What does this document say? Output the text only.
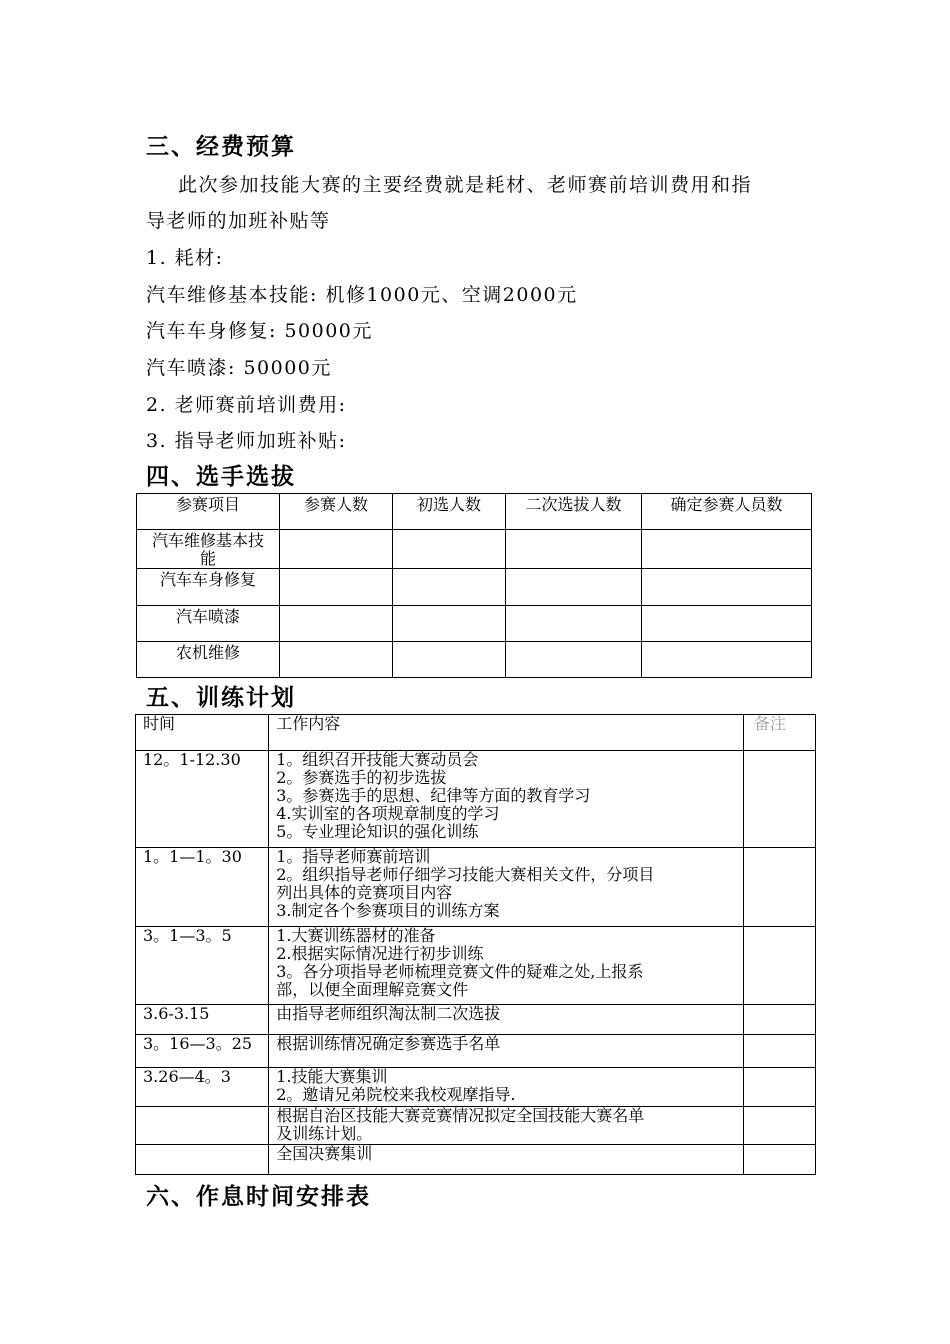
三、经费预算

此次参加技能大赛的主要经费就是耗材、老师赛前培训费用和指

导老师的加班补贴等

1. 耗材:

汽车维修基本技能: 机修1000元、空调2000元

汽车车身修复: 50000元

汽车喷漆: 50000元

2. 老师赛前培训费用:

3. 指导老师加班补贴:

四、选手选拔
参赛项目	参赛人数	初选人数	二次选拔人数	确定参赛人员数
汽车维修基本技能				
汽车车身修复				
汽车喷漆				
农机维修				
五、训练计划
时间	工作内容	备注
12。1-12.30	1。组织召开技能大赛动员会
2。参赛选手的初步选拔
3。参赛选手的思想、纪律等方面的教育学习
4.实训室的各项规章制度的学习
5。专业理论知识的强化训练	

1。1—1。30	1。指导老师赛前培训
2。组织指导老师仔细学习技能大赛相关文件，分项目
列出具体的竞赛项目内容
3.制定各个参赛项目的训练方案	

3。1—3。5	1.大赛训练器材的准备
2.根据实际情况进行初步训练
3。各分项指导老师梳理竞赛文件的疑难之处,上报系
部，以便全面理解竞赛文件	

3.6-3.15	由指导老师组织淘汰制二次选拔	

3。16—3。25	根据训练情况确定参赛选手名单	

3.26—4。3	1.技能大赛集训
2。邀请兄弟院校来我校观摩指导.	

	根据自治区技能大赛竞赛情况拟定全国技能大赛名单
及训练计划。	

	全国决赛集训	

六、作息时间安排表
